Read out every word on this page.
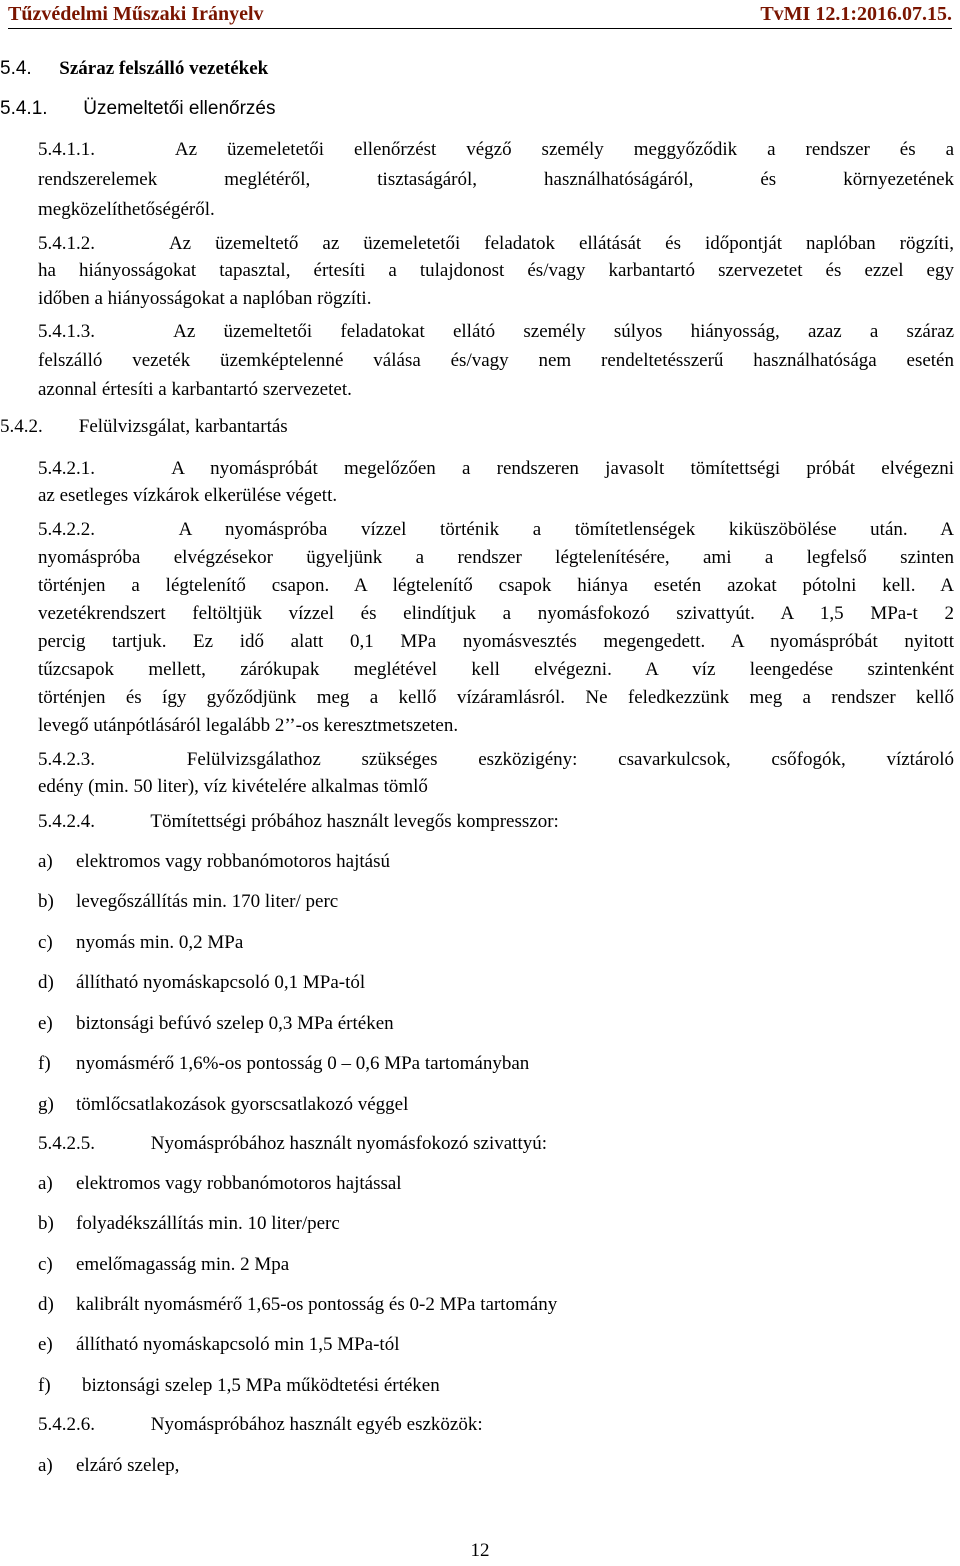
Tűzvédelmi Műszaki Irányelv	TvMI 12.1:2016.07.15.
5.4. Száraz felszálló vezetékek
5.4.1. Üzemeltetői ellenőrzés
5.4.1.1.	Az üzemeletetői ellenőrzést végző személy meggyőződik a rendszer és a
rendszerelemek meglétéről, tisztaságáról, használhatóságáról, és környezetének
megközelíthetőségéről.
5.4.1.2.	Az üzemeltető az üzemeletetői feladatok ellátását és időpontját naplóban rögzíti,
ha hiányosságokat tapasztal, értesíti a tulajdonost és/vagy karbantartó szervezetet és ezzel egy
időben a hiányosságokat a naplóban rögzíti.
5.4.1.3.	Az üzemeltetői feladatokat ellátó személy súlyos hiányosság, azaz a száraz
felszálló vezeték üzemképtelenné válása és/vagy nem rendeltetésszerű használhatósága esetén
azonnal értesíti a karbantartó szervezetet.
5.4.2. Felülvizsgálat, karbantartás
5.4.2.1.	A nyomáspróbát megelőzően a rendszeren javasolt tömítettségi próbát elvégezni
az esetleges vízkárok elkerülése végett.
5.4.2.2.	A nyomáspróba vízzel történik a tömítetlenségek kiküszöbölése után. A
nyomáspróba elvégzésekor ügyeljünk a rendszer légtelenítésére, ami a legfelső szinten
történjen a légtelenítő csapon. A légtelenítő csapok hiánya esetén azokat pótolni kell. A
vezetékrendszert feltöltjük vízzel és elindítjuk a nyomásfokozó szivattyút. A 1,5 MPa-t 2
percig tartjuk. Ez idő alatt 0,1 MPa nyomásvesztés megengedett. A nyomáspróbát nyitott
tűzcsapok mellett, zárókupak meglétével kell elvégezni. A víz leengedése szintenként
történjen és így győződjünk meg a kellő vízáramlásról. Ne feledkezzünk meg a rendszer kellő
levegő utánpótlásáról legalább 2’’-os keresztmetszeten.
5.4.2.3.	Felülvizsgálathoz szükséges eszközigény: csavarkulcsok, csőfogók, víztároló
edény (min. 50 liter), víz kivételére alkalmas tömlő
5.4.2.4.	Tömítettségi próbához használt levegős kompresszor:
a) elektromos vagy robbanómotoros hajtású
b) levegőszállítás min. 170 liter/ perc
c) nyomás min. 0,2 MPa
d) állítható nyomáskapcsoló 0,1 MPa-tól
e) biztonsági befúvó szelep 0,3 MPa értéken
f) nyomásmérő 1,6%-os pontosság 0 – 0,6 MPa tartományban
g) tömlőcsatlakozások gyorscsatlakozó véggel
5.4.2.5.	Nyomáspróbához használt nyomásfokozó szivattyú:
a) elektromos vagy robbanómotoros hajtással
b) folyadékszállítás min. 10 liter/perc
c) emelőmagasság min. 2 Mpa
d) kalibrált nyomásmérő 1,65-os pontosság és 0-2 MPa tartomány
e) állítható nyomáskapcsoló min 1,5 MPa-tól
f) biztonsági szelep 1,5 MPa működtetési értéken
5.4.2.6.	Nyomáspróbához használt egyéb eszközök:
a) elzáró szelep,
12
